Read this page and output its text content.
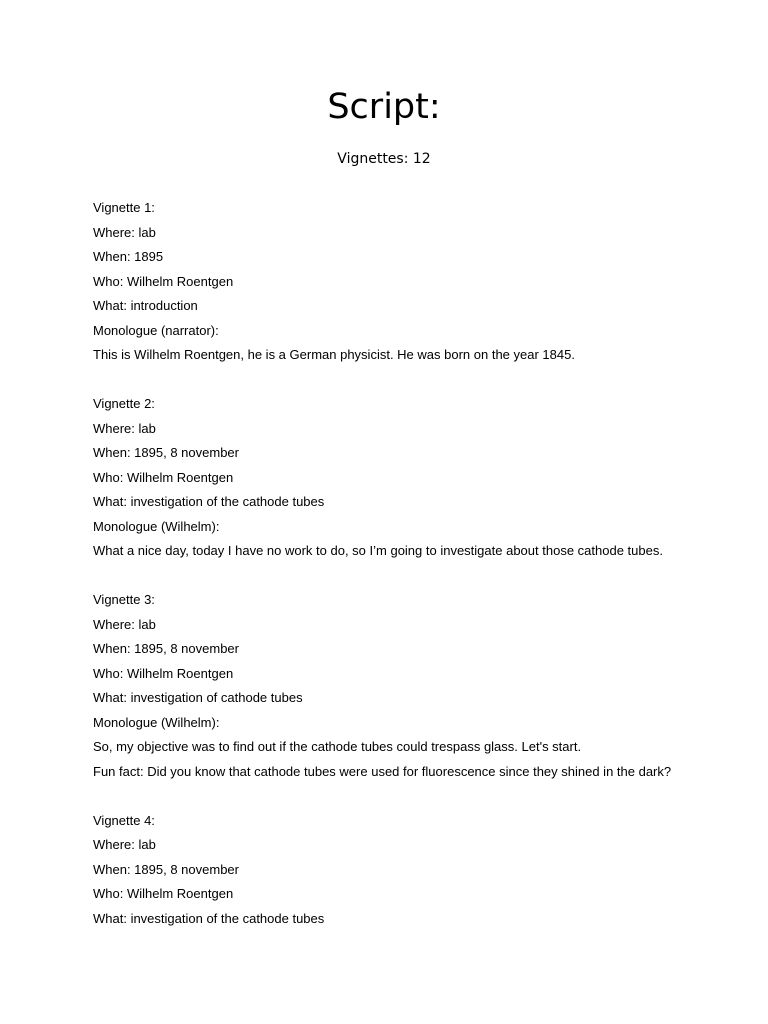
Script:

Vignettes: 12

Vignette 1:
Where: lab
When: 1895
Who: Wilhelm Roentgen
What: introduction
Monologue (narrator):
This is Wilhelm Roentgen, he is a German physicist. He was born on the year 1845.
Vignette 2:
Where: lab
When: 1895, 8 november
Who: Wilhelm Roentgen
What: investigation of the cathode tubes
Monologue (Wilhelm):
What a nice day, today I have no work to do, so I’m going to investigate about those cathode tubes.
Vignette 3:
Where: lab
When: 1895, 8 november
Who: Wilhelm Roentgen
What: investigation of cathode tubes
Monologue (Wilhelm):
So, my objective was to find out if the cathode tubes could trespass glass. Let's start.
Fun fact: Did you know that cathode tubes were used for fluorescence since they shined in the dark?
Vignette 4:
Where: lab
When: 1895, 8 november
Who: Wilhelm Roentgen
What: investigation of the cathode tubes
